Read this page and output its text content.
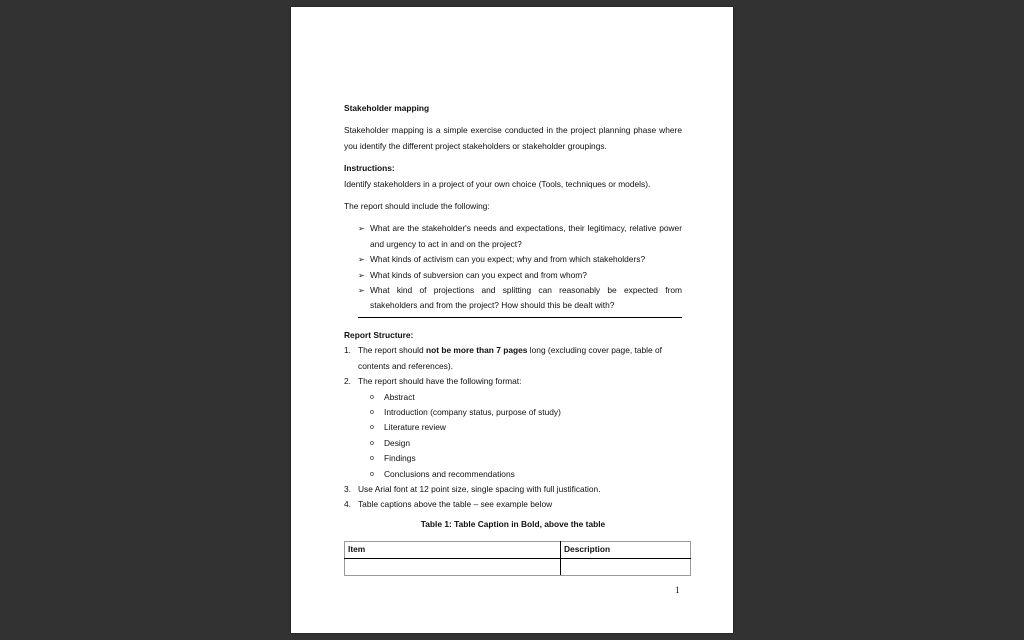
Stakeholder mapping

Stakeholder mapping is a simple exercise conducted in the project planning phase where you identify the different project stakeholders or stakeholder groupings.

Instructions:

Identify stakeholders in a project of your own choice (Tools, techniques or models).

The report should include the following:

➢ What are the stakeholder's needs and expectations, their legitimacy, relative power and urgency to act in and on the project?
➢ What kinds of activism can you expect; why and from which stakeholders?
➢ What kinds of subversion can you expect and from whom?
➢ What kind of projections and splitting can reasonably be expected from stakeholders and from the project? How should this be dealt with?

Report Structure:

1. The report should not be more than 7 pages long (excluding cover page, table of contents and references).
2. The report should have the following format:
o Abstract
o Introduction (company status, purpose of study)
o Literature review
o Design
o Findings
o Conclusions and recommendations
3. Use Arial font at 12 point size, single spacing with full justification.
4. Table captions above the table – see example below

Table 1: Table Caption in Bold, above the table

Item	Description

1
